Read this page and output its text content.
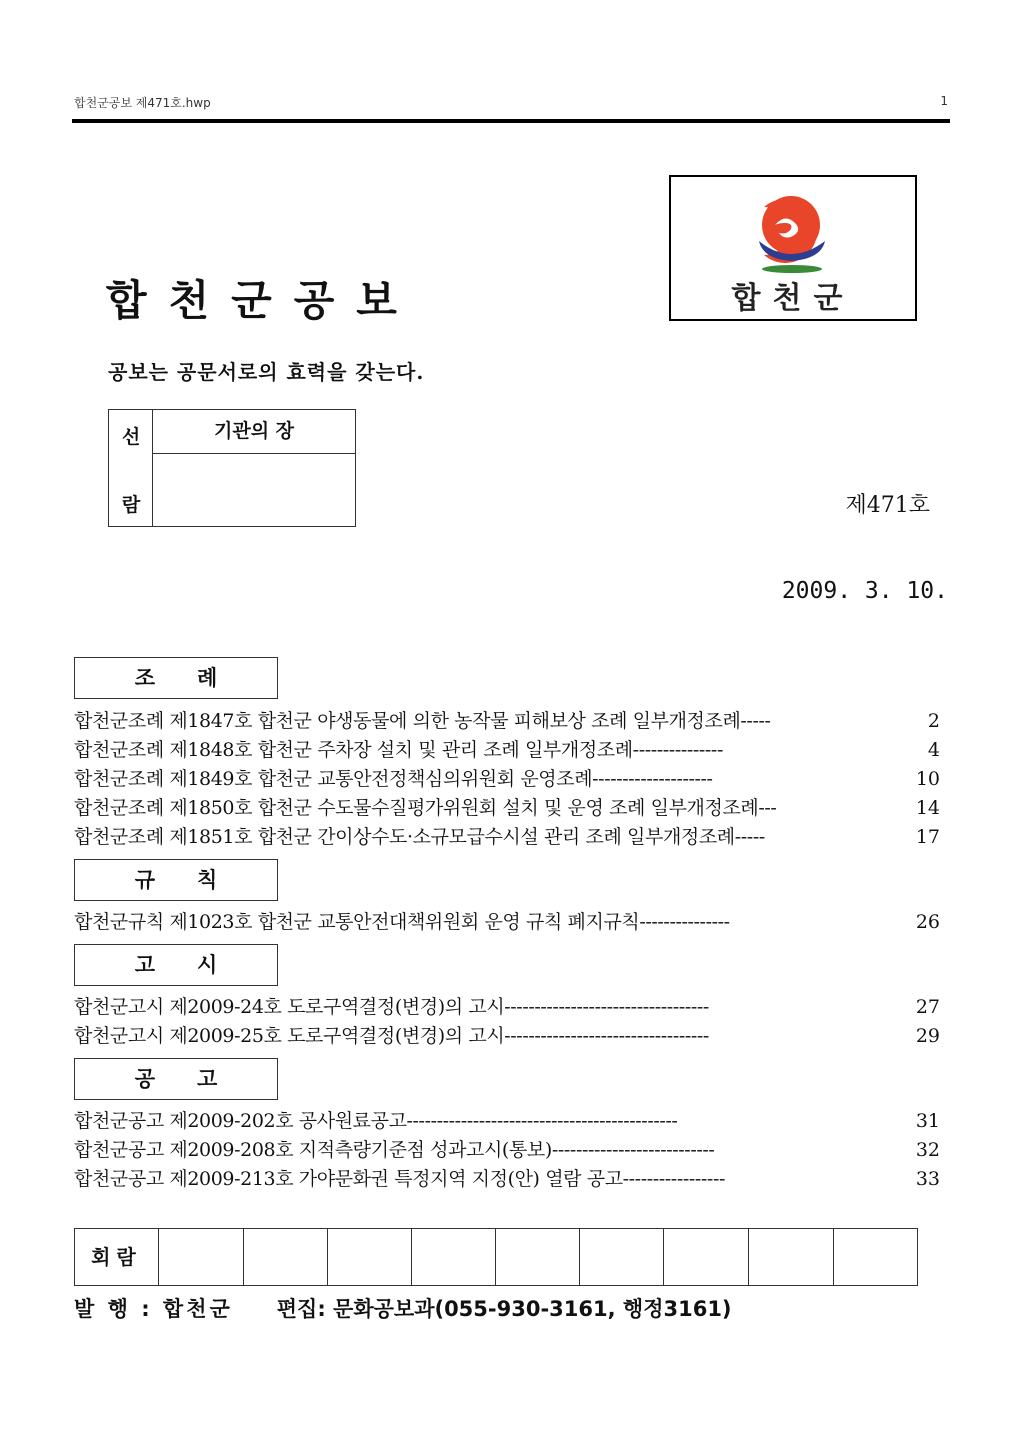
합천군공보 제471호.hwp	1
합천군공보	합천군
공보는 공문서로의 효력을 갖는다.
선
람
기관의 장
제471호
2009. 3. 10.
조례
합천군조례 제1847호 합천군 야생동물에 의한 농작물 피해보상 조례 일부개정조례-----	2
합천군조례 제1848호 합천군 주차장 설치 및 관리 조례 일부개정조례---------------	4
합천군조례 제1849호 합천군 교통안전정책심의위원회 운영조례--------------------	10
합천군조례 제1850호 합천군 수도물수질평가위원회 설치 및 운영 조례 일부개정조례---	14
합천군조례 제1851호 합천군 간이상수도·소규모급수시설 관리 조례 일부개정조례-----	17
규칙
합천군규칙 제1023호 합천군 교통안전대책위원회 운영 규칙 폐지규칙---------------	26
고시
합천군고시 제2009-24호 도로구역결정(변경)의 고시----------------------------------	27
합천군고시 제2009-25호 도로구역결정(변경)의 고시----------------------------------	29
공고
합천군공고 제2009-202호 공사원료공고---------------------------------------------	31
합천군공고 제2009-208호 지적측량기준점 성과고시(통보)---------------------------	32
합천군공고 제2009-213호 가야문화권 특정지역 지정(안) 열람 공고-----------------	33
회람
발 행 : 합천군 편집: 문화공보과(055-930-3161, 행정3161)
